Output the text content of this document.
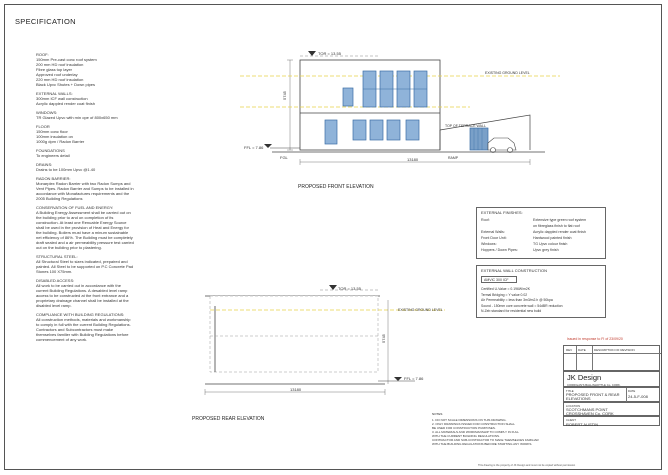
SPECIFICATION
ROOF:
150mm Pre-cast conc roof system
200 mm HD roof insulation
Fibre glass top layer
Approved roof underlay
220 mm HD roof insulation
Black Upvc Shutes + Down pipes
EXTERNAL WALLS:
300mm ICF wall construction
Acrylic dappled render coat finish
WINDOWS:
TR Glazed Upvc with min ope of 800x650 mm
FLOOR
150mm conc floor
100mm insulation on
1000g dpm / Radon Barrier
FOUNDATIONS
To engineers detail
DRAINS:
Drains to be 100mm Upvc @1.40
RADON BARRIER:
Monarplex Radon Barrier with two Radon Sumps and
Vent Pipes. Radon Barrier and Sumps to be installed in
accordance with Monafactures requirements and the
2005 Building Regulations
CONSERVATION OF FUEL AND ENERGY:
A Building Energy Assessment shall be carried out on
the building prior to and on completion of its
construction. At least one Renuable Energy Source
shall be used in the provision of Heat and Energy for
the building. Boilers must have a minum sustainable
net efficiency of 86%. The Building must be completely
draft sealed and a air permeability pressure test carried
out on the building prior to plastering.
STRUCTURAL STEEL:
All Structural Steel to sizes indicated, prepaired and
painted. All Steel to be supported on P.C Concrete Pad
Stones 100 X75mm.
DISABLED ACCESS:
All work to be carried out in accordance with the
current Building Regulations. A desabled level ramp
access to be constructed at the front entrance and a
proprietary drainage channel shall be installed at the
disabled level ramp.
COMPLIANCE WITH BUILDING REGULATIONS:
All construction methods, materials and workmanship
to comply in full with the current Building Regulations.
Contractors and Subcontractors must make
themselves familier with Building Regulations before
commencement of any work.
TOR = 13.55
FFL = 7.86
FGL
5745
13180
EXISTING GROUND LEVEL
TOP OF TERRACE WALL
RAMP
PROPOSED FRONT ELEVATION
TOR = 13.55
FFL = 7.86
5745
13180
EXISTING GROUND LEVEL
PROPOSED REAR ELEVATION
EXTERNAL FINISHES:
Roof:	Extensive type green roof system
on fibreglass finish to flat roof
External Walls:	Acrylic dappled render coat finish
Front Door Unit:	Hardwood painted finish
Windows:	TG Upvc colour finish
Hoppers / Down Pipes:	Upvc grey finish
EXTERNAL WALL CONSTRUCTION
AMVIC 300 ICF
Certified U-Value = 0.196W/m2K
Termal Bridging = Y value 0.02
Air Permeability = less than 3m3/m2.h @ 50kpa
Sound - 150mm core concrete wall = 54dBR reduction
N-Zeb standard for residential new build
Issued in response to FI of 23/09/20
REV DATE	DESCRIPTION OF REVISION
JK Design
CORRIGAN'S BALLINHOTTLE Co. CORK.
TITLE
PROPOSED FRONT & REAR ELEVATIONS
DATE
24-5-F-008
LOCATION
SCOTCHMANS POINT CROSSHAVEN Co. CORK
CLIENT
ROBERT AUSTIN
NOTES
1. DO NOT SCALE DIMENSIONS ON THIS DRAWING.
2. ONLY DRAWINGS ISSUED FOR CONSTRUCTION SHALL
BE USED FOR CONSTRUCTION PURPOSES.
3. ALL MATERIALS AND WORKMANSHIP TO COMPLY IN FULL
WITH THE CURRENT BUILDING REGULATIONS.
CONTRACTOR AND SUB-CONTRACTOR TO MAKE THEMSELVES FAMILIAR
WITH THE BUILDING REGULATIONS BEFORE STARTING ANY WORKS.
This drawing is the property of JK Design and must not be copied without permission
